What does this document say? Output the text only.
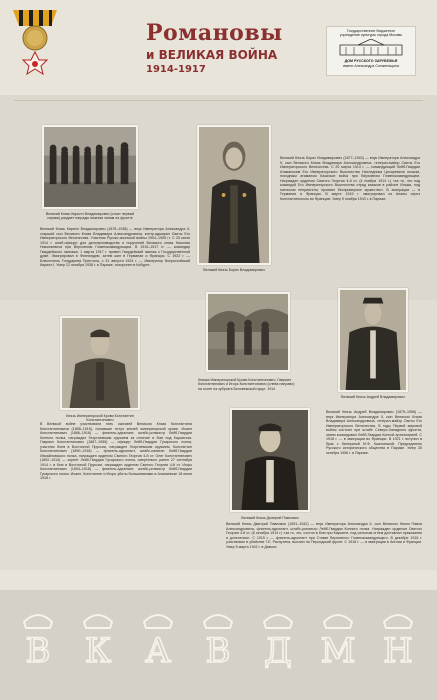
Романовы
и ВЕЛИКАЯ ВОЙНА
1914-1917
Государственное бюджетное
учреждение культуры города Москвы
ДОМ РУССКОГО ЗАРУБЕЖЬЯ
имени Александра Солженицына
Великий Князь Кирилл Владимирович (стоит первый справа) раздает награды нижним чинам на фронте
Великий Князь Борис Владимирович
Великий Князь Борис Владимирович (1877–1943) — внук Императора Александра II, сын Великого Князя Владимира Александровича, генерал-майор Свиты Его Императорского Величества. С 20 марта 1914 г. — командующий Лейб-Гвардии Атаманским Его Императорского Высочества Наследника Цесаревича полком, походным атаманом Казачьих войск при Верховном Главнокомандующем. Награжден орденом Святого Георгия 4-й ст. (4 ноября 1914 г.) «за то, что под командой Его Императорского Высочества отряд казаков в районе Ильжи, под натиском неприятеля, проявил беспримерное мужество». В эмиграции — в Германии и Франции. В марте 1919 г. эмигрировал из Анапы через Константинополь во Францию. Умер 9 ноября 1943 г. в Париже.
Великий Князь Кирилл Владимирович (1876–1938) — внук Императора Александра II, старший сын Великого Князя Владимира Александровича, контр-адмирал Свиты Его Императорского Величества. Участник Русско-японской войны 1904–1905 гг. С 25 июля 1914 г. штаб-офицер для делопроизводства и поручений Великого князя Николая Николаевича при Верховном Главнокомандующем. В 1915–1917 гг. — командир Гвардейского экипажа. 1 марта 1917 г. привел Гвардейский экипаж к Государственной думе. Эмигрировал в Финляндию, затем жил в Германии и Франции. С 1922 г. — Блюститель Государева Престола, с 31 августа 1924 г. — Император Всероссийский Кирилл I. Умер 12 октября 1938 г. в Париже, похоронен в Кобурге.
Князь Императорской Крови Константин Константинович
Князья Императорской Крови Константинович, Гавриил Константинович и Игорь Константинович (слева направо) на охоте на зубров в Беловежской пуще. 1914
Великий Князь Андрей Владимирович
В Великой войне участвовали пять сыновей Великого Князя Константина Константиновича (1858–1915), носившие титул князей императорской крови. Иоанн Константинович (1886–1918) — флигель-адъютант, штабс-ротмистр Лейб-Гвардии Конного полка, награжден Георгиевским оружием за отличие в бою под Каушеном. Гавриил Константинович (1887–1955) — офицер Лейб-Гвардии Гусарского полка, участник боев в Восточной Пруссии, награжден Георгиевским оружием. Константин Константинович (1890–1918) — флигель-адъютант, штабс-капитан Лейб-Гвардии Измайловского полка, награжден орденом Святого Георгия 4-й ст. Олег Константинович (1892–1914) — корнет Лейб-Гвардии Гусарского полка, смертельно ранен 27 сентября 1914 г. в бою в Восточной Пруссии, награжден орденом Святого Георгия 4-й ст. Игорь Константинович (1894–1918) — флигель-адъютант, штабс-ротмистр Лейб-Гвардии Гусарского полка. Иоанн, Константин и Игорь убиты большевиками в Алапаевске 18 июля 1918 г.
Великий Князь Дмитрий Павлович
Великий Князь Андрей Владимирович (1879–1956) — внук Императора Александра II, сын Великого Князя Владимира Александровича, генерал-майор Свиты Его Императорского Величества. В годы Первой мировой войны состоял при штабе Северо-Западного фронта, затем командовал Лейб-Гвардии Конной артиллерией. С 1918 г. — в эмиграции во Франции. В 1921 г. вступил в брак с балериной М.Ф. Кшесинской. Председатель Русского исторического общества в Париже. Умер 30 октября 1956 г. в Париже.
Великий Князь Дмитрий Павлович (1891–1942) — внук Императора Александра II, сын Великого Князя Павла Александровича, флигель-адъютант, штабс-ротмистр Лейб-Гвардии Конного полка. Награжден орденом Святого Георгия 4-й ст. (6 октября 1914 г.) «за то, что, состоя в бою при Каушене, под сильным огнем доставлял приказания и донесения». С 1915 г. — флигель-адъютант при Ставке Верховного Главнокомандующего. В декабре 1916 г. участвовал в убийстве Г.Е. Распутина, выслан на Персидский фронт. С 1918 г. — в эмиграции в Англии и Франции. Умер 5 марта 1942 г. в Давосе.
В К А В Д М Н
